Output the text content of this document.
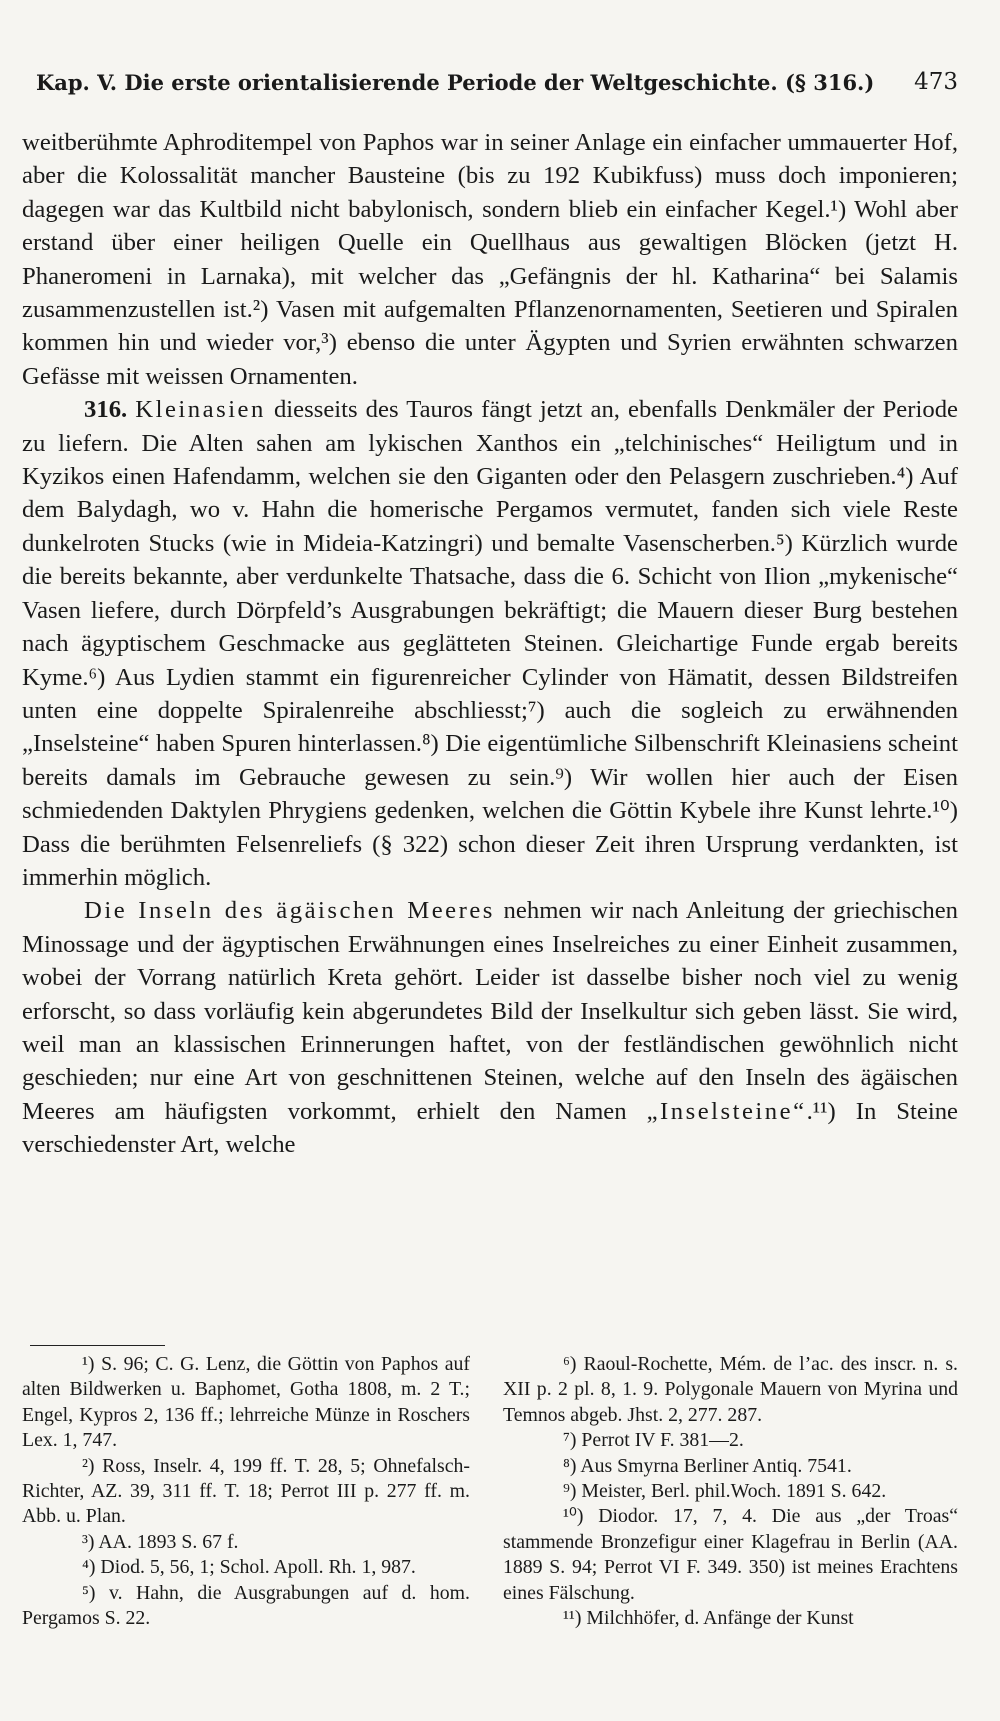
Kap. V. Die erste orientalisierende Periode der Weltgeschichte. (§ 316.) 473

weitberühmte Aphroditempel von Paphos war in seiner Anlage ein einfacher ummauerter Hof, aber die Kolossalität mancher Bausteine (bis zu 192 Kubikfuss) muss doch imponieren; dagegen war das Kultbild nicht babylonisch, sondern blieb ein einfacher Kegel.¹) Wohl aber erstand über einer heiligen Quelle ein Quellhaus aus gewaltigen Blöcken (jetzt H. Phaneromeni in Larnaka), mit welcher das „Gefängnis der hl. Katharina“ bei Salamis zusammenzustellen ist.²) Vasen mit aufgemalten Pflanzenornamenten, Seetieren und Spiralen kommen hin und wieder vor,³) ebenso die unter Ägypten und Syrien erwähnten schwarzen Gefässe mit weissen Ornamenten.

316. Kleinasien diesseits des Tauros fängt jetzt an, ebenfalls Denkmäler der Periode zu liefern. Die Alten sahen am lykischen Xanthos ein „telchinisches“ Heiligtum und in Kyzikos einen Hafendamm, welchen sie den Giganten oder den Pelasgern zuschrieben.⁴) Auf dem Balydagh, wo v. Hahn die homerische Pergamos vermutet, fanden sich viele Reste dunkelroten Stucks (wie in Mideia-Katzingri) und bemalte Vasenscherben.⁵) Kürzlich wurde die bereits bekannte, aber verdunkelte Thatsache, dass die 6. Schicht von Ilion „mykenische“ Vasen liefere, durch Dörpfeld’s Ausgrabungen bekräftigt; die Mauern dieser Burg bestehen nach ägyptischem Geschmacke aus geglätteten Steinen. Gleichartige Funde ergab bereits Kyme.⁶) Aus Lydien stammt ein figurenreicher Cylinder von Hämatit, dessen Bildstreifen unten eine doppelte Spiralenreihe abschliesst;⁷) auch die sogleich zu erwähnenden „Inselsteine“ haben Spuren hinterlassen.⁸) Die eigentümliche Silbenschrift Kleinasiens scheint bereits damals im Gebrauche gewesen zu sein.⁹) Wir wollen hier auch der Eisen schmiedenden Daktylen Phrygiens gedenken, welchen die Göttin Kybele ihre Kunst lehrte.¹⁰) Dass die berühmten Felsenreliefs (§ 322) schon dieser Zeit ihren Ursprung verdankten, ist immerhin möglich.

Die Inseln des ägäischen Meeres nehmen wir nach Anleitung der griechischen Minossage und der ägyptischen Erwähnungen eines Inselreiches zu einer Einheit zusammen, wobei der Vorrang natürlich Kreta gehört. Leider ist dasselbe bisher noch viel zu wenig erforscht, so dass vorläufig kein abgerundetes Bild der Inselkultur sich geben lässt. Sie wird, weil man an klassischen Erinnerungen haftet, von der festländischen gewöhnlich nicht geschieden; nur eine Art von geschnittenen Steinen, welche auf den Inseln des ägäischen Meeres am häufigsten vorkommt, erhielt den Namen „Inselsteine“.¹¹) In Steine verschiedenster Art, welche

¹) S. 96; C. G. Lenz, die Göttin von Paphos auf alten Bildwerken u. Baphomet, Gotha 1808, m. 2 T.; Engel, Kypros 2, 136 ff.; lehrreiche Münze in Roschers Lex. 1, 747.

²) Ross, Inselr. 4, 199 ff. T. 28, 5; Ohnefalsch-Richter, AZ. 39, 311 ff. T. 18; Perrot III p. 277 ff. m. Abb. u. Plan.

³) AA. 1893 S. 67 f.

⁴) Diod. 5, 56, 1; Schol. Apoll. Rh. 1, 987.

⁵) v. Hahn, die Ausgrabungen auf d. hom. Pergamos S. 22.

⁶) Raoul-Rochette, Mém. de l’ac. des inscr. n. s. XII p. 2 pl. 8, 1. 9. Polygonale Mauern von Myrina und Temnos abgeb. Jhst. 2, 277. 287.

⁷) Perrot IV F. 381—2.

⁸) Aus Smyrna Berliner Antiq. 7541.

⁹) Meister, Berl. phil.Woch. 1891 S. 642.

¹⁰) Diodor. 17, 7, 4. Die aus „der Troas“ stammende Bronzefigur einer Klagefrau in Berlin (AA. 1889 S. 94; Perrot VI F. 349. 350) ist meines Erachtens eines Fälschung.

¹¹) Milchhöfer, d. Anfänge der Kunst
